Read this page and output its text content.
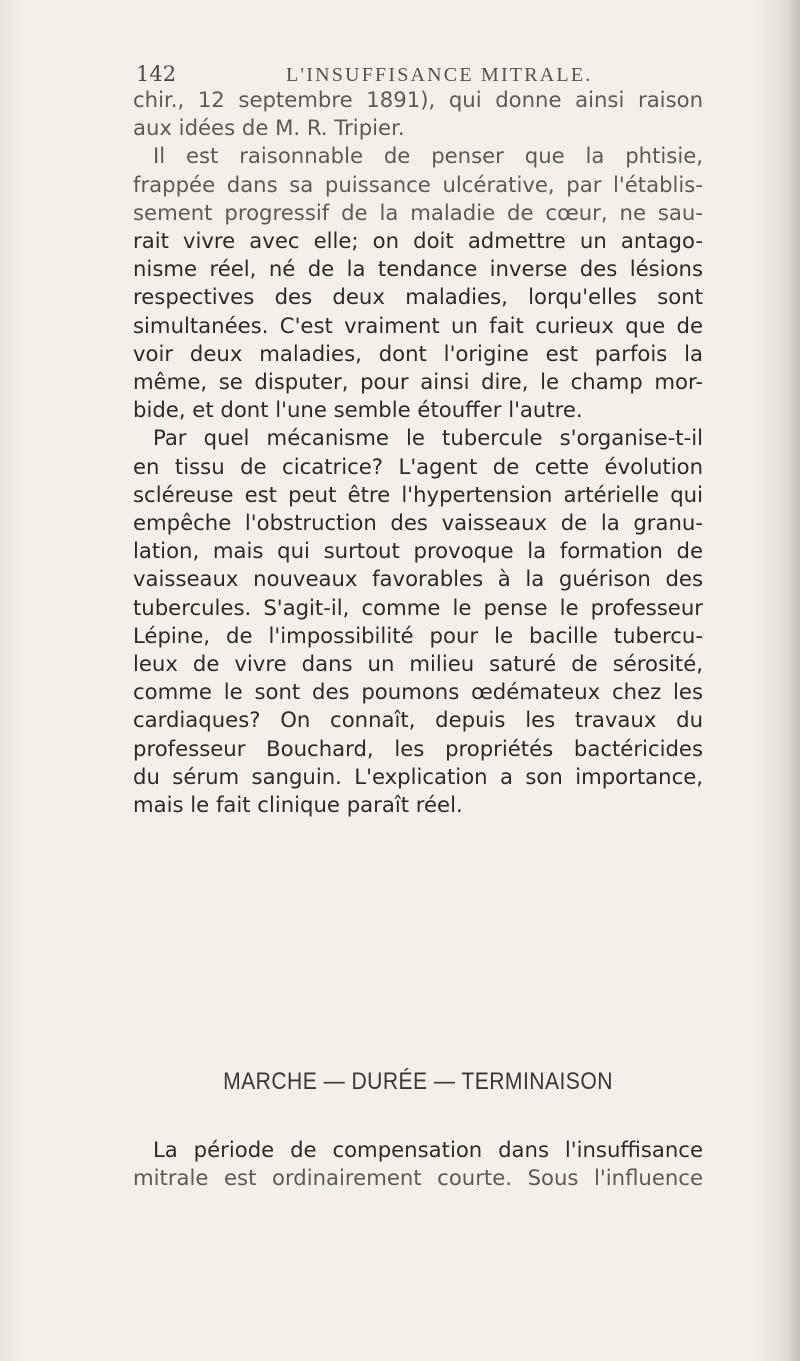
142	L'INSUFFISANCE MITRALE.
chir., 12 septembre 1891), qui donne ainsi raison
aux idées de M. R. Tripier.
Il est raisonnable de penser que la phtisie,
frappée dans sa puissance ulcérative, par l'établis-
sement progressif de la maladie de cœur, ne sau-
rait vivre avec elle; on doit admettre un antago-
nisme réel, né de la tendance inverse des lésions
respectives des deux maladies, lorqu'elles sont
simultanées. C'est vraiment un fait curieux que de
voir deux maladies, dont l'origine est parfois la
même, se disputer, pour ainsi dire, le champ mor-
bide, et dont l'une semble étouffer l'autre.
Par quel mécanisme le tubercule s'organise-t-il
en tissu de cicatrice? L'agent de cette évolution
scléreuse est peut être l'hypertension artérielle qui
empêche l'obstruction des vaisseaux de la granu-
lation, mais qui surtout provoque la formation de
vaisseaux nouveaux favorables à la guérison des
tubercules. S'agit-il, comme le pense le professeur
Lépine, de l'impossibilité pour le bacille tubercu-
leux de vivre dans un milieu saturé de sérosité,
comme le sont des poumons œdémateux chez les
cardiaques? On connaît, depuis les travaux du
professeur Bouchard, les propriétés bactéricides
du sérum sanguin. L'explication a son importance,
mais le fait clinique paraît réel.
MARCHE — DURÉE — TERMINAISON
La période de compensation dans l'insuffisance
mitrale est ordinairement courte. Sous l'influence
